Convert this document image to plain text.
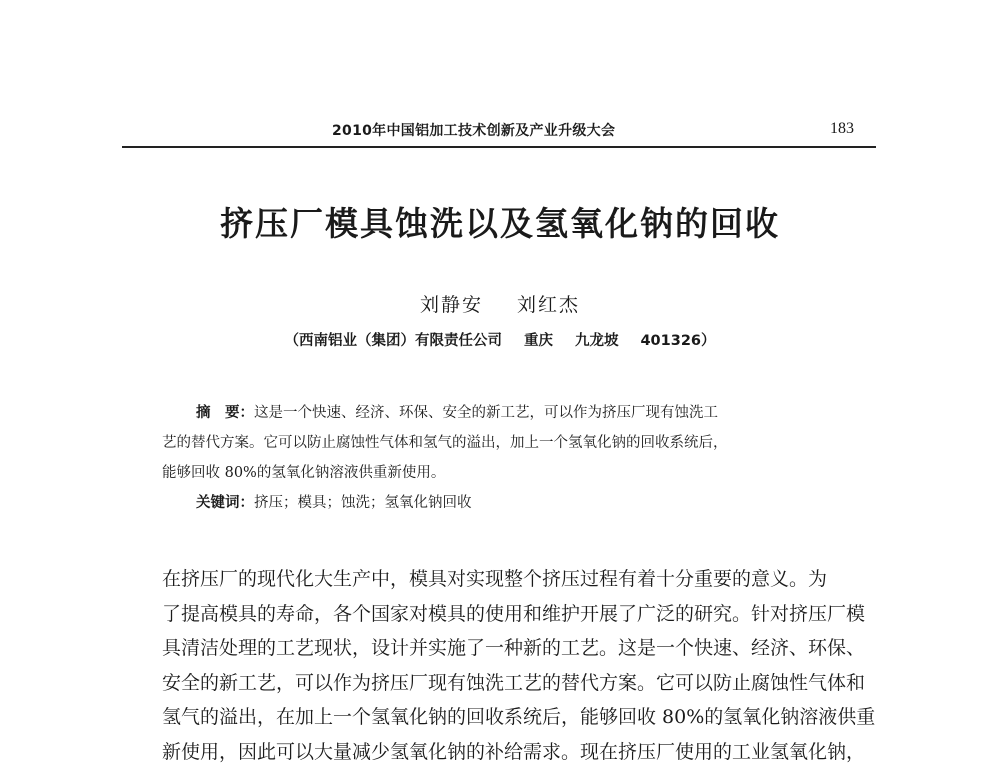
2010年中国铝加工技术创新及产业升级大会	183
挤压厂模具蚀洗以及氢氧化钠的回收
刘静安 刘红杰
（西南铝业（集团）有限责任公司 重庆 九龙坡 401326）
摘　要：这是一个快速、经济、环保、安全的新工艺，可以作为挤压厂现有蚀洗工
艺的替代方案。它可以防止腐蚀性气体和氢气的溢出，加上一个氢氧化钠的回收系统后，
能够回收 80%的氢氧化钠溶液供重新使用。
关键词：挤压；模具；蚀洗；氢氧化钠回收
在挤压厂的现代化大生产中，模具对实现整个挤压过程有着十分重要的意义。为
了提高模具的寿命，各个国家对模具的使用和维护开展了广泛的研究。针对挤压厂模
具清洁处理的工艺现状，设计并实施了一种新的工艺。这是一个快速、经济、环保、
安全的新工艺，可以作为挤压厂现有蚀洗工艺的替代方案。它可以防止腐蚀性气体和
氢气的溢出，在加上一个氢氧化钠的回收系统后，能够回收 80%的氢氧化钠溶液供重
新使用，因此可以大量减少氢氧化钠的补给需求。现在挤压厂使用的工业氢氧化钠，
